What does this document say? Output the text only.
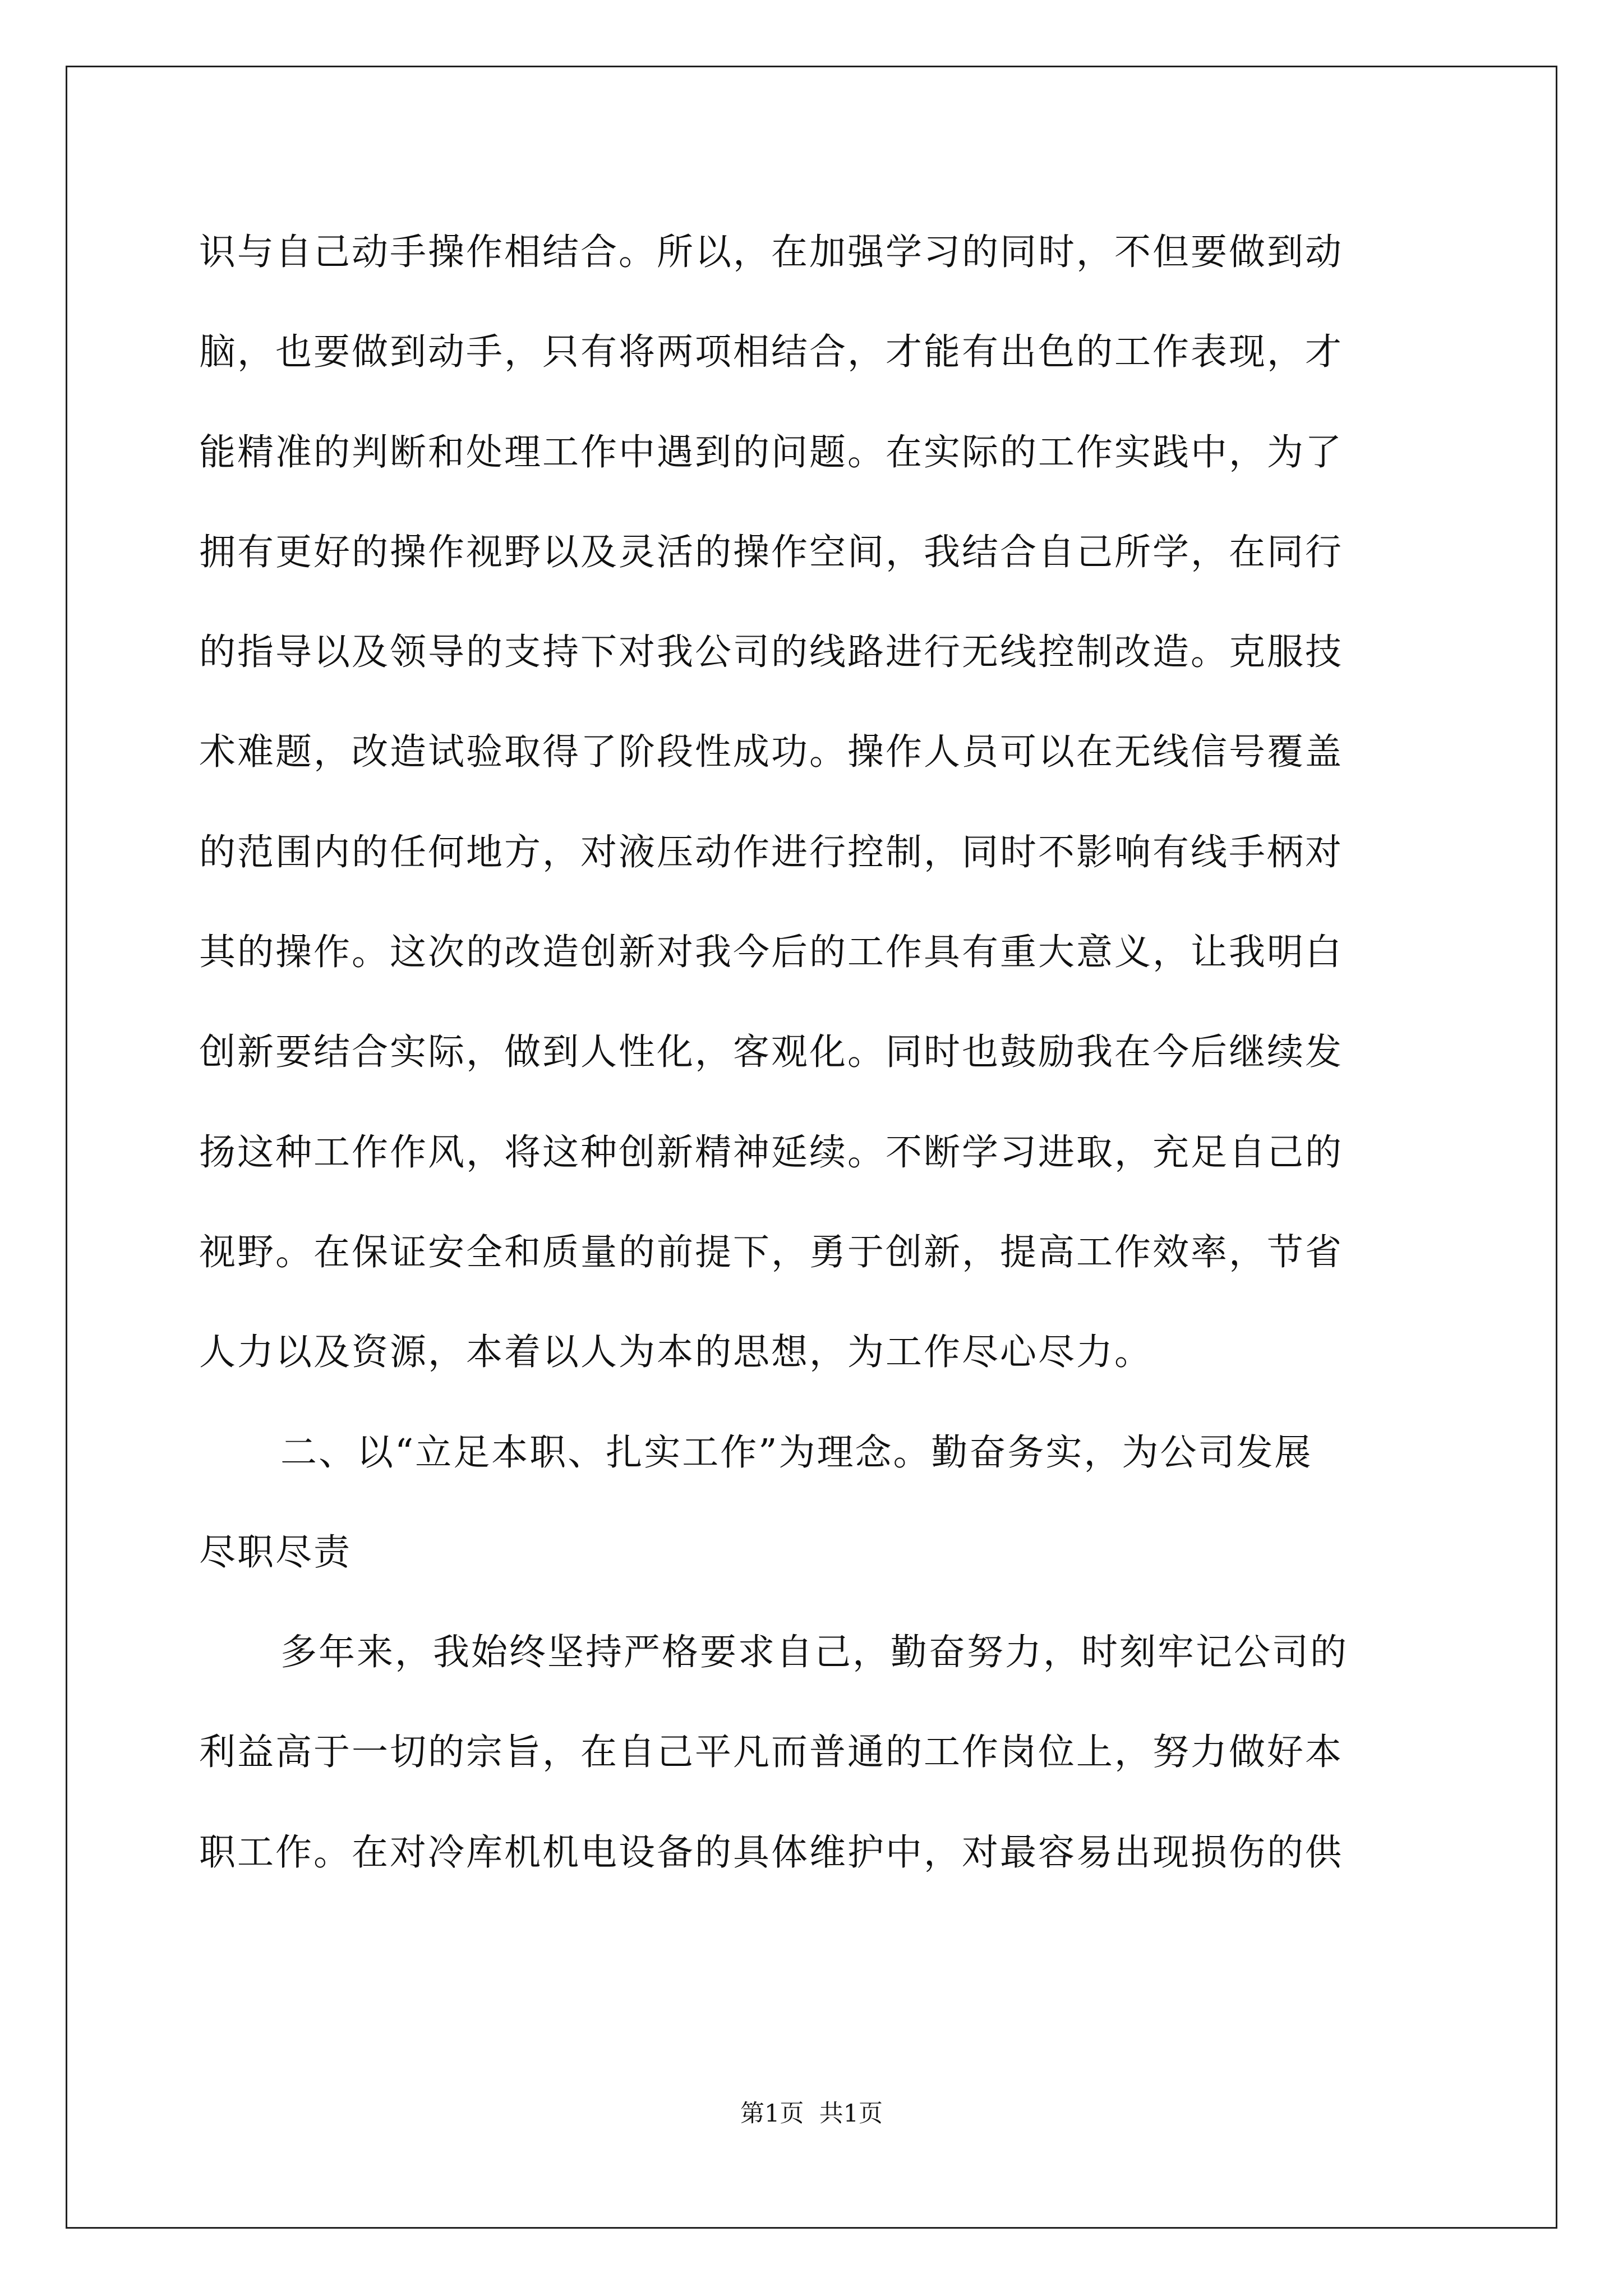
识与自己动手操作相结合。所以，在加强学习的同时，不但要做到动
脑，也要做到动手，只有将两项相结合，才能有出色的工作表现，才
能精准的判断和处理工作中遇到的问题。在实际的工作实践中，为了
拥有更好的操作视野以及灵活的操作空间，我结合自己所学，在同行
的指导以及领导的支持下对我公司的线路进行无线控制改造。克服技
术难题，改造试验取得了阶段性成功。操作人员可以在无线信号覆盖
的范围内的任何地方，对液压动作进行控制，同时不影响有线手柄对
其的操作。这次的改造创新对我今后的工作具有重大意义，让我明白
创新要结合实际，做到人性化，客观化。同时也鼓励我在今后继续发
扬这种工作作风，将这种创新精神延续。不断学习进取，充足自己的
视野。在保证安全和质量的前提下，勇于创新，提高工作效率，节省
人力以及资源，本着以人为本的思想，为工作尽心尽力。
二、以“立足本职、扎实工作”为理念。勤奋务实，为公司发展
尽职尽责
多年来，我始终坚持严格要求自己，勤奋努力，时刻牢记公司的
利益高于一切的宗旨，在自己平凡而普通的工作岗位上，努力做好本
职工作。在对冷库机机电设备的具体维护中，对最容易出现损伤的供
第1页  共1页
